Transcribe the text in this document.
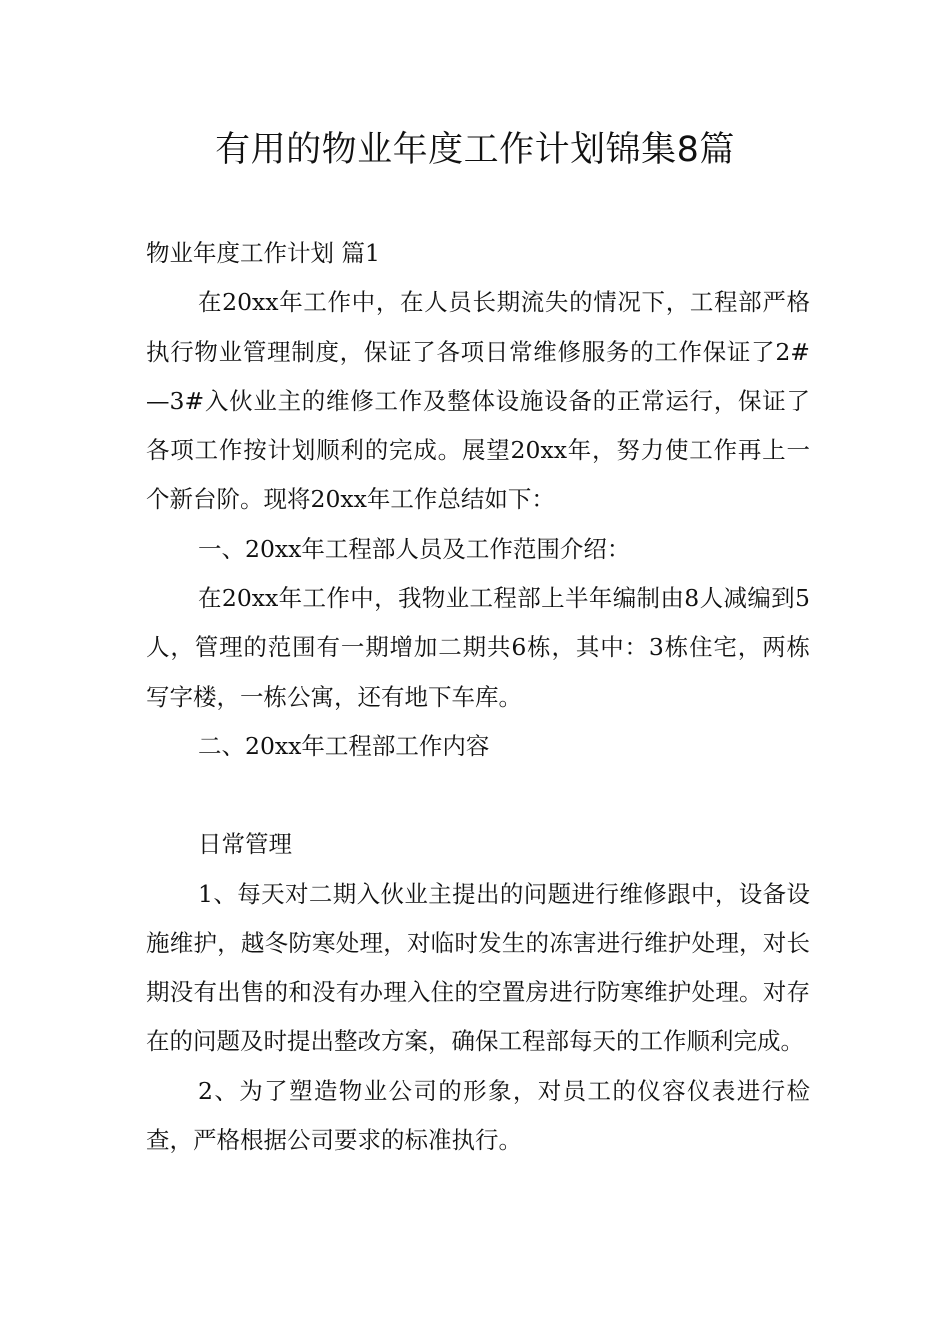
有用的物业年度工作计划锦集8篇

物业年度工作计划 篇1

在20xx年工作中，在人员长期流失的情况下，工程部严格执行物业管理制度，保证了各项日常维修服务的工作保证了2#—3#入伙业主的维修工作及整体设施设备的正常运行，保证了各项工作按计划顺利的完成。展望20xx年，努力使工作再上一个新台阶。现将20xx年工作总结如下：

一、20xx年工程部人员及工作范围介绍：

在20xx年工作中，我物业工程部上半年编制由8人减编到5人，管理的范围有一期增加二期共6栋，其中：3栋住宅，两栋写字楼，一栋公寓，还有地下车库。

二、20xx年工程部工作内容

日常管理

1、每天对二期入伙业主提出的问题进行维修跟中，设备设施维护，越冬防寒处理，对临时发生的冻害进行维护处理，对长期没有出售的和没有办理入住的空置房进行防寒维护处理。对存在的问题及时提出整改方案，确保工程部每天的工作顺利完成。

2、为了塑造物业公司的形象，对员工的仪容仪表进行检查，严格根据公司要求的标准执行。
